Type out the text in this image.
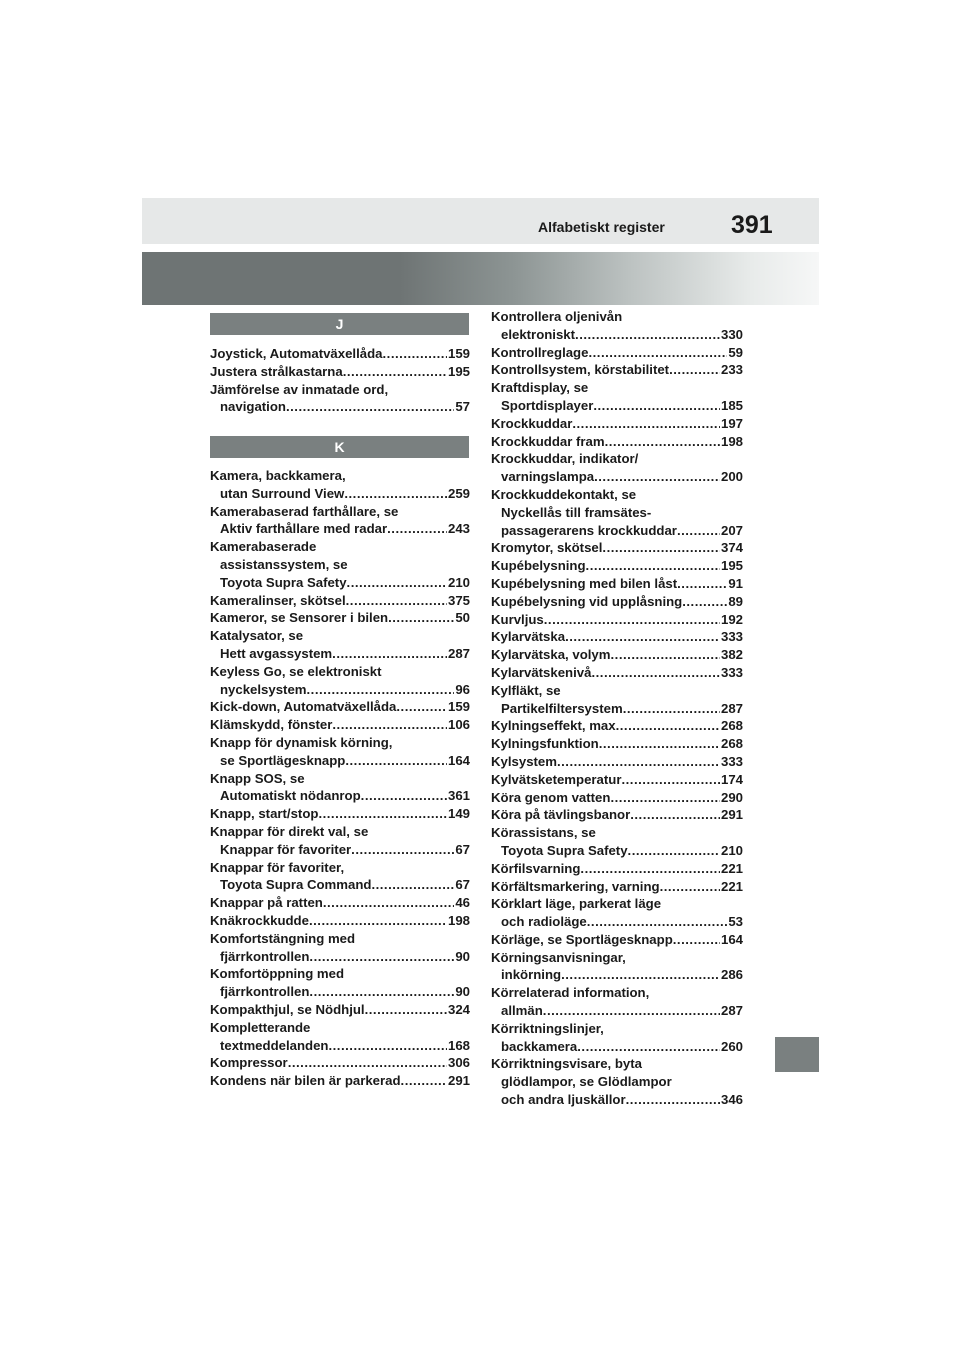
Alfabetiskt register	391
J
Joystick, Automatväxellåda .....	159
Justera strålkastarna .....	195
Jämförelse av inmatade ord,
navigation .....	57
K
Kamera, backkamera,
utan Surround View .....	259
Kamerabaserad farthållare, se
Aktiv farthållare med radar .....	243
Kamerabaserade
assistanssystem, se
Toyota Supra Safety .....	210
Kameralinser, skötsel .....	375
Kameror, se Sensorer i bilen .....	50
Katalysator, se
Hett avgassystem .....	287
Keyless Go, se elektroniskt
nyckelsystem .....	96
Kick-down, Automatväxellåda .....	159
Klämskydd, fönster .....	106
Knapp för dynamisk körning,
se Sportlägesknapp .....	164
Knapp SOS, se
Automatiskt nödanrop .....	361
Knapp, start/stop .....	149
Knappar för direkt val, se
Knappar för favoriter .....	67
Knappar för favoriter,
Toyota Supra Command .....	67
Knappar på ratten .....	46
Knäkrockkudde .....	198
Komfortstängning med
fjärrkontrollen .....	90
Komfortöppning med
fjärrkontrollen .....	90
Kompakthjul, se Nödhjul .....	324
Kompletterande
textmeddelanden .....	168
Kompressor .....	306
Kondens när bilen är parkerad .....	291
Kontrollera oljenivån
elektroniskt .....	330
Kontrollreglage .....	59
Kontrollsystem, körstabilitet .....	233
Kraftdisplay, se
Sportdisplayer .....	185
Krockkuddar .....	197
Krockkuddar fram .....	198
Krockkuddar, indikator/
varningslampa .....	200
Krockkuddekontakt, se
Nyckellås till framsätes-
passagerarens krockkuddar .....	207
Kromytor, skötsel .....	374
Kupébelysning .....	195
Kupébelysning med bilen låst .....	91
Kupébelysning vid upplåsning .....	89
Kurvljus .....	192
Kylarvätska .....	333
Kylarvätska, volym .....	382
Kylarvätskenivå .....	333
Kylfläkt, se
Partikelfiltersystem .....	287
Kylningseffekt, max .....	268
Kylningsfunktion .....	268
Kylsystem .....	333
Kylvätsketemperatur .....	174
Köra genom vatten .....	290
Köra på tävlingsbanor .....	291
Körassistans, se
Toyota Supra Safety .....	210
Körfilsvarning .....	221
Körfältsmarkering, varning .....	221
Körklart läge, parkerat läge
och radioläge .....	53
Körläge, se Sportlägesknapp .....	164
Körningsanvisningar,
inkörning .....	286
Körrelaterad information,
allmän .....	287
Körriktningslinjer,
backkamera .....	260
Körriktningsvisare, byta
glödlampor, se Glödlampor
och andra ljuskällor .....	346
